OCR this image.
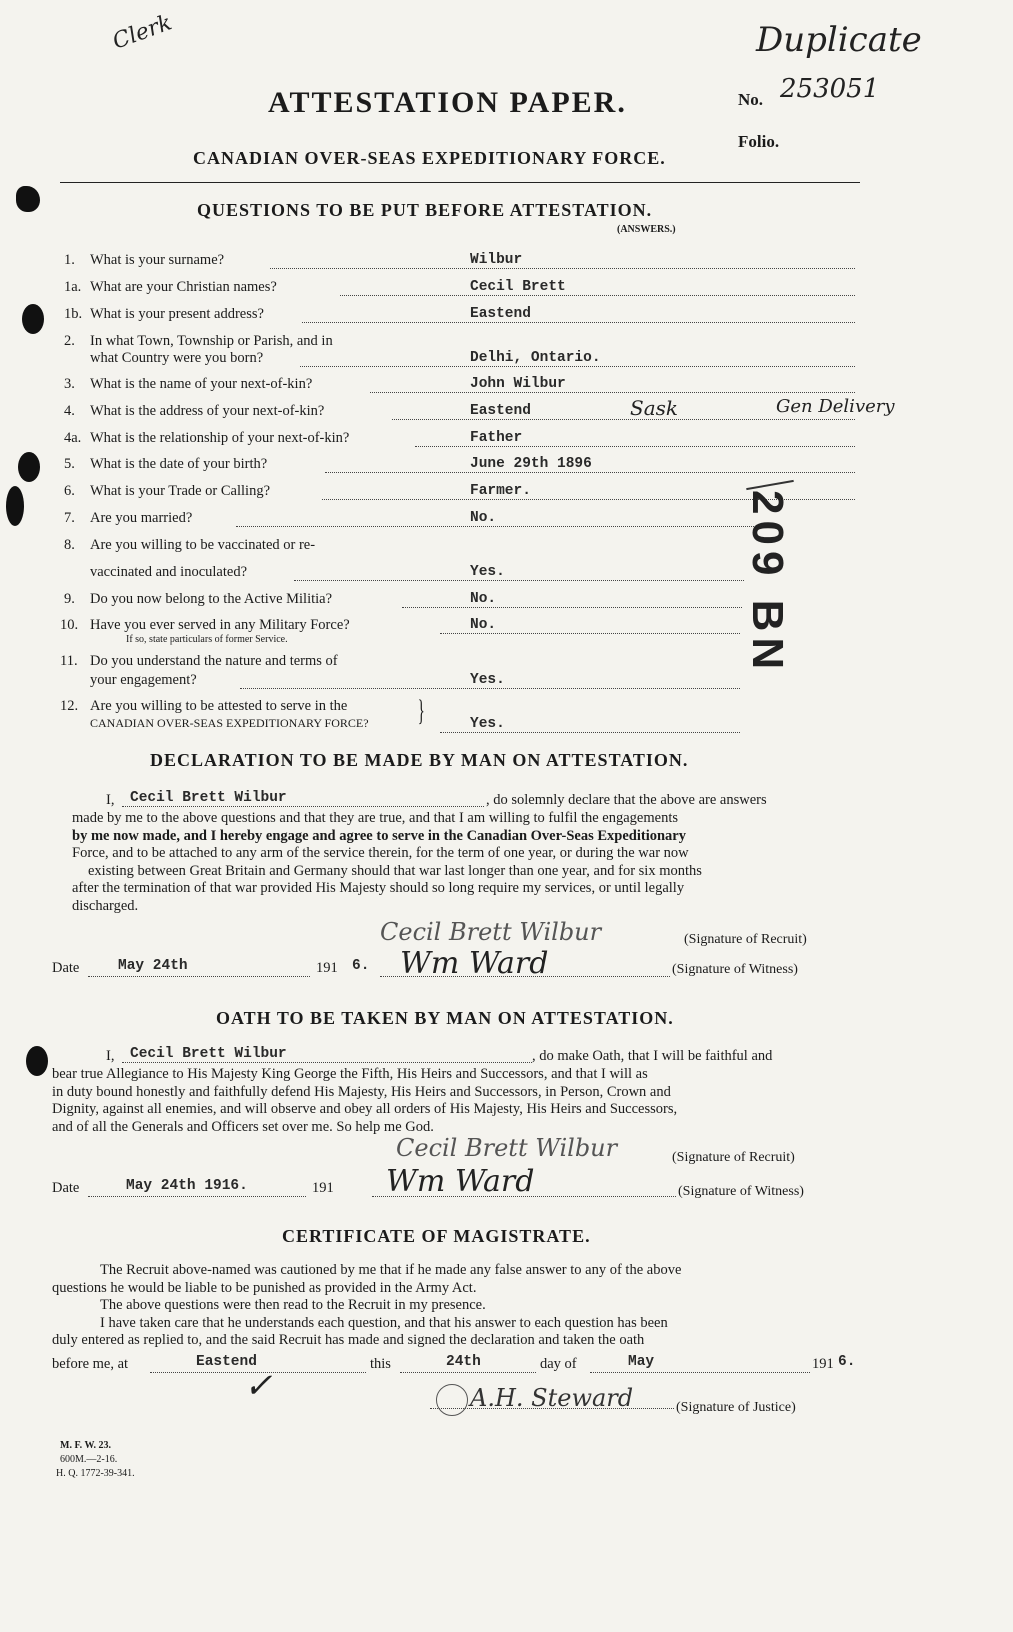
Clerk
ATTESTATION PAPER.
Duplicate
No. 253051
Folio.
CANADIAN OVER-SEAS EXPEDITIONARY FORCE.
QUESTIONS TO BE PUT BEFORE ATTESTATION.
(ANSWERS.)
1. What is your surname?	Wilbur
1a. What are your Christian names?	Cecil Brett
1b. What is your present address?	Eastend
2. In what Town, Township or Parish, and in
what Country were you born?	Delhi, Ontario.
3. What is the name of your next-of-kin?	John Wilbur
4. What is the address of your next-of-kin?	Eastend	Sask	Gen Delivery
4a. What is the relationship of your next-of-kin?	Father
5. What is the date of your birth?	June 29th 1896
6. What is your Trade or Calling?	Farmer.
7. Are you married?	No.
8. Are you willing to be vaccinated or re-
vaccinated and inoculated?	Yes.
9. Do you now belong to the Active Militia?	No.
10. Have you ever served in any Military Force?
If so, state particulars of former Service.
No.
11. Do you understand the nature and terms of
your engagement?	Yes.
12. Are you willing to be attested to serve in the
CANADIAN OVER-SEAS EXPEDITIONARY FORCE? }	Yes.
209 BN
DECLARATION TO BE MADE BY MAN ON ATTESTATION.
I, Cecil Brett Wilbur	, do solemnly declare that the above are answers
made by me to the above questions and that they are true, and that I am willing to fulfil the engagements
by me now made, and I hereby engage and agree to serve in the Canadian Over-Seas Expeditionary
Force, and to be attached to any arm of the service therein, for the term of one year, or during the war now
existing between Great Britain and Germany should that war last longer than one year, and for six months
after the termination of that war provided His Majesty should so long require my services, or until legally
discharged.
Cecil Brett Wilbur	(Signature of Recruit)
Date	May 24th	191 6. Wm Ward	(Signature of Witness)
OATH TO BE TAKEN BY MAN ON ATTESTATION.
I, Cecil Brett Wilbur	, do make Oath, that I will be faithful and
bear true Allegiance to His Majesty King George the Fifth, His Heirs and Successors, and that I will as
in duty bound honestly and faithfully defend His Majesty, His Heirs and Successors, in Person, Crown and
Dignity, against all enemies, and will observe and obey all orders of His Majesty, His Heirs and Successors,
and of all the Generals and Officers set over me. So help me God.
Cecil Brett Wilbur	(Signature of Recruit)
Date	May 24th 1916.	191 Wm Ward	(Signature of Witness)
CERTIFICATE OF MAGISTRATE.
The Recruit above-named was cautioned by me that if he made any false answer to any of the above
questions he would be liable to be punished as provided in the Army Act.
The above questions were then read to the Recruit in my presence.
I have taken care that he understands each question, and that his answer to each question has been
duly entered as replied to, and the said Recruit has made and signed the declaration and taken the oath
before me, at	Eastend	this	24th	day of	May	191 6.
✓	A.H. Steward	(Signature of Justice)
M. F. W. 23.
600M.—2-16.
H. Q. 1772-39-341.
